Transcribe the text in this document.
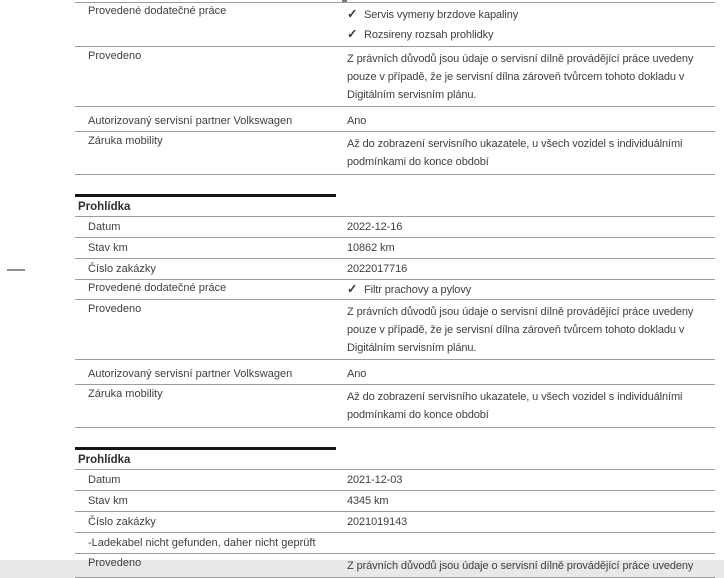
Provedené dodatečné práce	✓ Servis vymeny brzdove kapaliny
✓ Rozsireny rozsah prohlidky
Provedeno	Z právních důvodů jsou údaje o servisní dílně provádějící práce uvedeny
pouze v případě, že je servisní dílna zároveň tvůrcem tohoto dokladu v
Digitálním servisním plánu.
Autorizovaný servisní partner Volkswagen	Ano
Záruka mobility	Až do zobrazení servisního ukazatele, u všech vozidel s individuálními
podmínkami do konce období
Prohlídka
Datum	2022-12-16
Stav km	10862 km
Číslo zakázky	2022017716
Provedené dodatečné práce	✓ Filtr prachovy a pylovy
Provedeno	Z právních důvodů jsou údaje o servisní dílně provádějící práce uvedeny
pouze v případě, že je servisní dílna zároveň tvůrcem tohoto dokladu v
Digitálním servisním plánu.
Autorizovaný servisní partner Volkswagen	Ano
Záruka mobility	Až do zobrazení servisního ukazatele, u všech vozidel s individuálními
podmínkami do konce období
Prohlídka
Datum	2021-12-03
Stav km	4345 km
Číslo zakázky	2021019143
-Ladekabel nicht gefunden, daher nicht geprüft
Provedeno	Z právních důvodů jsou údaje o servisní dílně provádějící práce uvedeny
